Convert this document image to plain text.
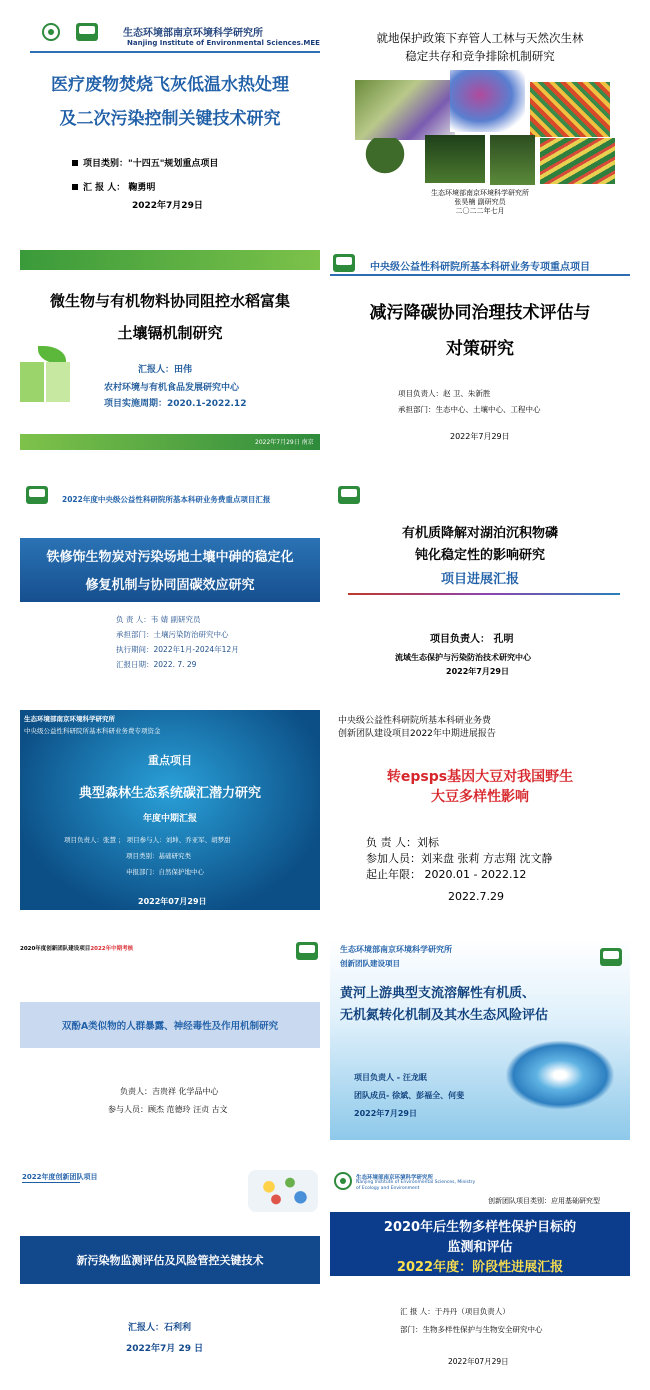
生态环境部南京环境科学研究所
Nanjing Institute of Environmental Sciences.MEE
医疗废物焚烧飞灰低温水热处理
及二次污染控制关键技术研究
项目类别："十四五"规划重点项目
汇 报 人： 鞠勇明
2022年7月29日
就地保护政策下弃管人工林与天然次生林
稳定共存和竞争排除机制研究
生态环境部南京环境科学研究所
张昊楠 副研究员
二〇二二年七月
微生物与有机物料协同阻控水稻富集
土壤镉机制研究
汇报人：田伟
农村环境与有机食品发展研究中心
项目实施周期：2020.1-2022.12
2022年7月29日 南京
中央级公益性科研院所基本科研业务专项重点项目
减污降碳协同治理技术评估与
对策研究
项目负责人：赵 卫、朱新胜
承担部门：生态中心、土壤中心、工程中心
2022年7月29日
2022年度中央级公益性科研院所基本科研业务费重点项目汇报
铁修饰生物炭对污染场地土壤中砷的稳定化
修复机制与协同固碳效应研究
负 责 人：韦 婧 副研究员
承担部门：土壤污染防治研究中心
执行期间：2022年1月-2024年12月
汇报日期：2022. 7. 29
有机质降解对湖泊沉积物磷
钝化稳定性的影响研究
项目进展汇报
项目负责人： 孔明
流域生态保护与污染防治技术研究中心
2022年7月29日
生态环境部南京环境科学研究所
中央级公益性科研院所基本科研业务费专项资金
重点项目
典型森林生态系统碳汇潜力研究
年度中期汇报
项目负责人：张慧 ； 项目参与人：刘坤、乔亚军、胡梦甜
项目类别：基础研究类
申报部门：自然保护地中心
2022年07月29日
中央级公益性科研院所基本科研业务费
创新团队建设项目2022年中期进展报告
转epsps基因大豆对我国野生
大豆多样性影响
负 责 人：刘标
参加人员：刘来盘 张莉 方志翔 沈文静
起止年限： 2020.01 - 2022.12
2022.7.29
2020年度创新团队建设项目2022年中期考核
双酚A类似物的人群暴露、神经毒性及作用机制研究
负责人：吉贵祥 化学品中心
参与人员：顾杰 范德玲 汪贞 古文
生态环境部南京环境科学研究所
创新团队建设项目
黄河上游典型支流溶解性有机质、
无机氮转化机制及其水生态风险评估
项目负责人 - 汪龙眠
团队成员- 徐斌、彭福全、何斐
2022年7月29日
2022年度创新团队项目
新污染物监测评估及风险管控关键技术
汇报人：石利利
2022年7月 29 日
生态环境部南京环境科学研究所
Nanjing Institute of Environmental Sciences, Ministry
of Ecology and Environment
创新团队项目类别：应用基础研究型
2020年后生物多样性保护目标的
监测和评估
2022年度：阶段性进展汇报
汇 报 人：于丹丹（项目负责人）
部门：生物多样性保护与生物安全研究中心
2022年07月29日
